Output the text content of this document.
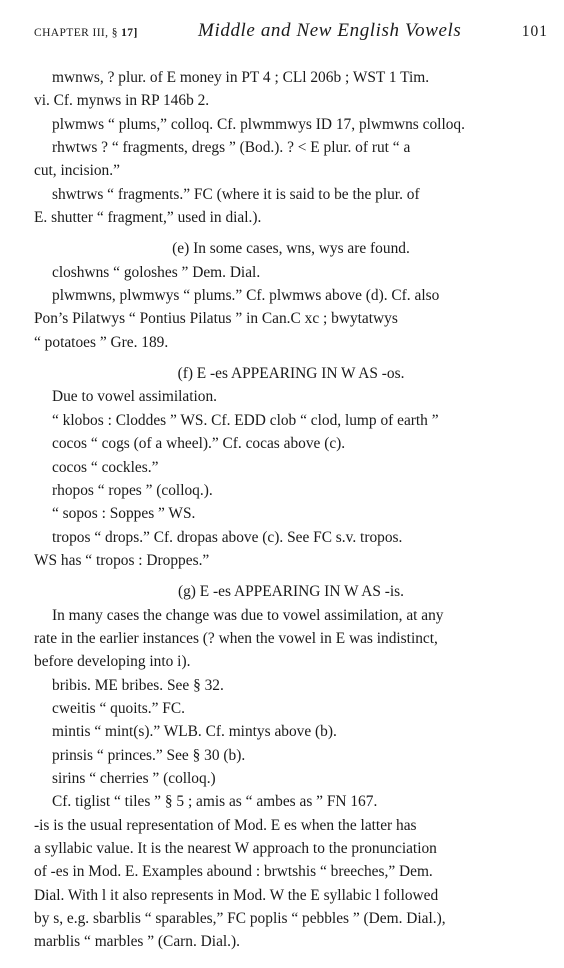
CHAPTER III, § 17]	Middle and New English Vowels	101
mwnws, ? plur. of E money in PT 4 ; CLl 206b ; WST 1 Tim.
vi. Cf. mynws in RP 146b 2.
plwmws “ plums,” colloq. Cf. plwmmwys ID 17, plwmwns colloq.
rhwtws ? “ fragments, dregs ” (Bod.). ? < E plur. of rut “ a
cut, incision.”
shwtrws “ fragments.” FC (where it is said to be the plur. of
E. shutter “ fragment,” used in dial.).
(e) In some cases, wns, wys are found.
closhwns “ goloshes ” Dem. Dial.
plwmwns, plwmwys “ plums.” Cf. plwmws above (d). Cf. also
Pon’s Pilatwys “ Pontius Pilatus ” in Can.C xc ; bwytatwys
“ potatoes ” Gre. 189.
(f) E -es APPEARING IN W AS -os.
Due to vowel assimilation.
“ klobos : Cloddes ” WS. Cf. EDD clob “ clod, lump of earth ”
cocos “ cogs (of a wheel).” Cf. cocas above (c).
cocos “ cockles.”
rhopos “ ropes ” (colloq.).
“ sopos : Soppes ” WS.
tropos “ drops.” Cf. dropas above (c). See FC s.v. tropos.
WS has “ tropos : Droppes.”
(g) E -es APPEARING IN W AS -is.
In many cases the change was due to vowel assimilation, at any
rate in the earlier instances (? when the vowel in E was indistinct,
before developing into i).
bribis. ME bribes. See § 32.
cweitis “ quoits.” FC.
mintis “ mint(s).” WLB. Cf. mintys above (b).
prinsis “ princes.” See § 30 (b).
sirins “ cherries ” (colloq.)
Cf. tiglist “ tiles ” § 5 ; amis as “ ambes as ” FN 167.
-is is the usual representation of Mod. E es when the latter has
a syllabic value. It is the nearest W approach to the pronunciation
of -es in Mod. E. Examples abound : brwtshis “ breeches,” Dem.
Dial. With l it also represents in Mod. W the E syllabic l followed
by s, e.g. sbarblis “ sparables,” FC poplis “ pebbles ” (Dem. Dial.),
marblis “ marbles ” (Carn. Dial.).
